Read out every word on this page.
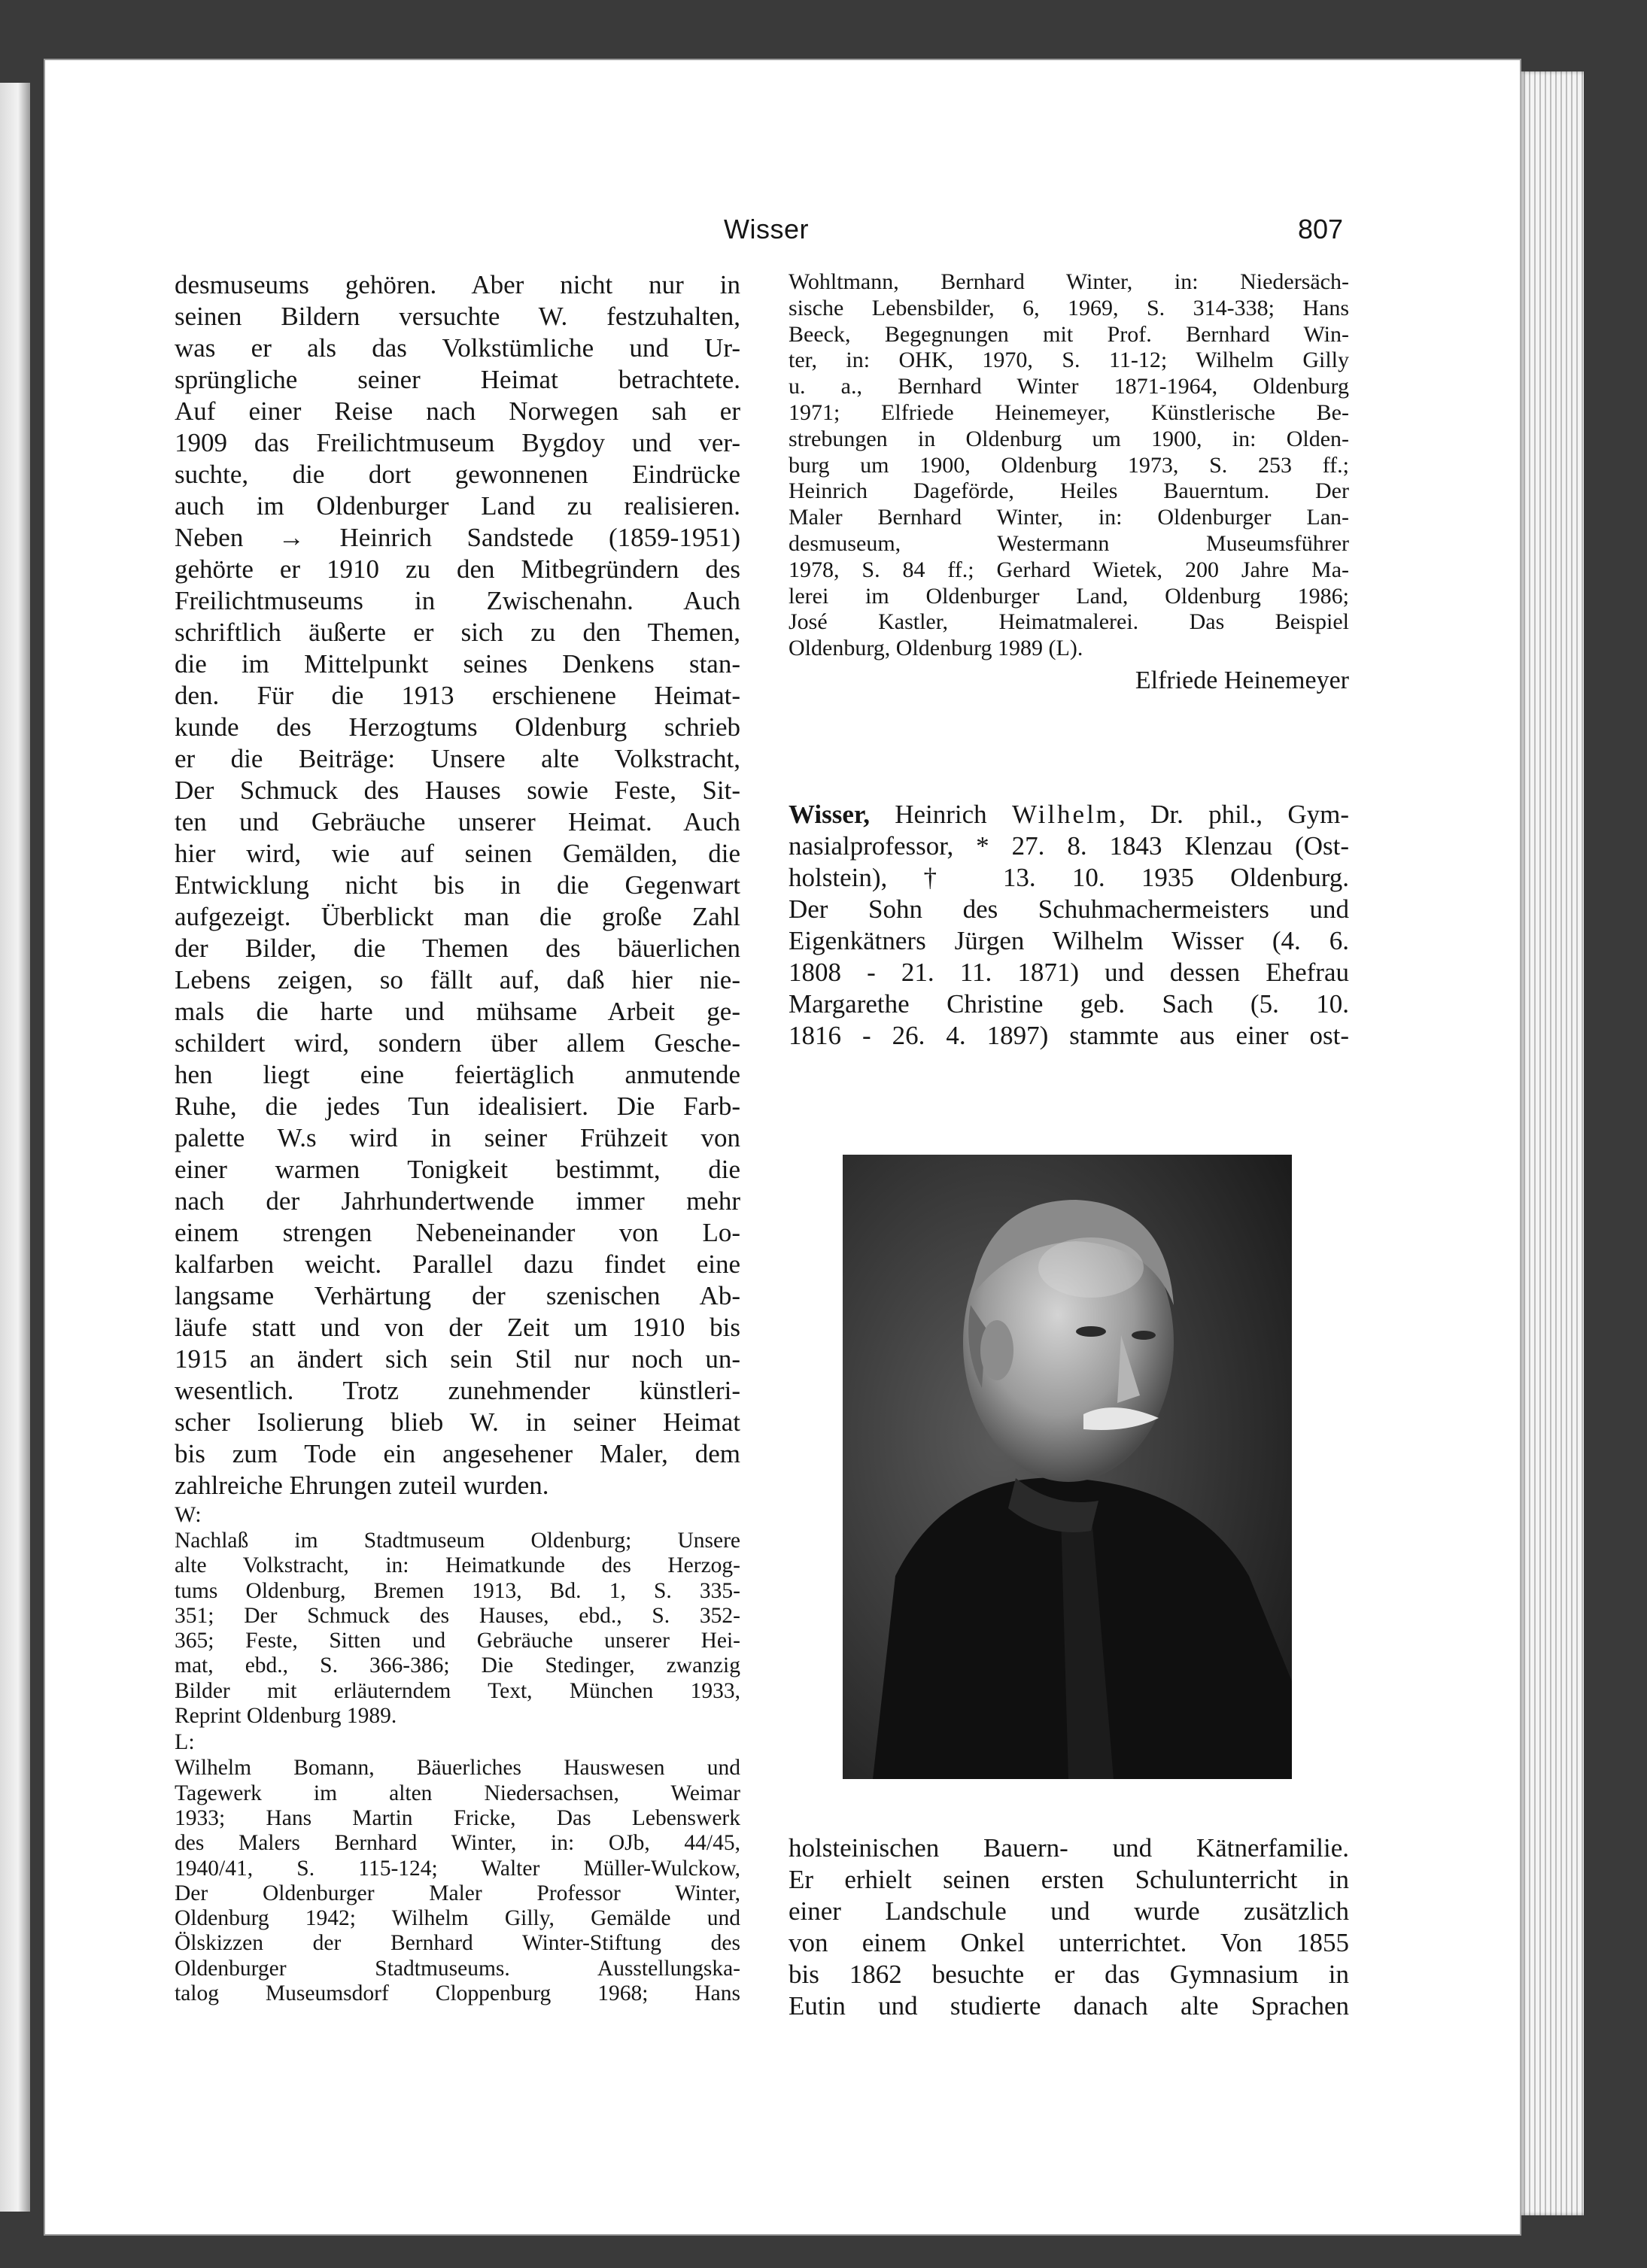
Wisser	807
desmuseums gehören. Aber nicht nur in
seinen Bildern versuchte W. festzuhalten,
was er als das Volkstümliche und Ur-
sprüngliche seiner Heimat betrachtete.
Auf einer Reise nach Norwegen sah er
1909 das Freilichtmuseum Bygdoy und ver-
suchte, die dort gewonnenen Eindrücke
auch im Oldenburger Land zu realisieren.
Neben → Heinrich Sandstede (1859-1951)
gehörte er 1910 zu den Mitbegründern des
Freilichtmuseums in Zwischenahn. Auch
schriftlich äußerte er sich zu den Themen,
die im Mittelpunkt seines Denkens stan-
den. Für die 1913 erschienene Heimat-
kunde des Herzogtums Oldenburg schrieb
er die Beiträge: Unsere alte Volkstracht,
Der Schmuck des Hauses sowie Feste, Sit-
ten und Gebräuche unserer Heimat. Auch
hier wird, wie auf seinen Gemälden, die
Entwicklung nicht bis in die Gegenwart
aufgezeigt. Überblickt man die große Zahl
der Bilder, die Themen des bäuerlichen
Lebens zeigen, so fällt auf, daß hier nie-
mals die harte und mühsame Arbeit ge-
schildert wird, sondern über allem Gesche-
hen liegt eine feiertäglich anmutende
Ruhe, die jedes Tun idealisiert. Die Farb-
palette W.s wird in seiner Frühzeit von
einer warmen Tonigkeit bestimmt, die
nach der Jahrhundertwende immer mehr
einem strengen Nebeneinander von Lo-
kalfarben weicht. Parallel dazu findet eine
langsame Verhärtung der szenischen Ab-
läufe statt und von der Zeit um 1910 bis
1915 an ändert sich sein Stil nur noch un-
wesentlich. Trotz zunehmender künstleri-
scher Isolierung blieb W. in seiner Heimat
bis zum Tode ein angesehener Maler, dem
zahlreiche Ehrungen zuteil wurden.
W:
Nachlaß im Stadtmuseum Oldenburg; Unsere
alte Volkstracht, in: Heimatkunde des Herzog-
tums Oldenburg, Bremen 1913, Bd. 1, S. 335-
351; Der Schmuck des Hauses, ebd., S. 352-
365; Feste, Sitten und Gebräuche unserer Hei-
mat, ebd., S. 366-386; Die Stedinger, zwanzig
Bilder mit erläuterndem Text, München 1933,
Reprint Oldenburg 1989.
L:
Wilhelm Bomann, Bäuerliches Hauswesen und
Tagewerk im alten Niedersachsen, Weimar
1933; Hans Martin Fricke, Das Lebenswerk
des Malers Bernhard Winter, in: OJb, 44/45,
1940/41, S. 115-124; Walter Müller-Wulckow,
Der Oldenburger Maler Professor Winter,
Oldenburg 1942; Wilhelm Gilly, Gemälde und
Ölskizzen der Bernhard Winter-Stiftung des
Oldenburger Stadtmuseums. Ausstellungska-
talog Museumsdorf Cloppenburg 1968; Hans
Wohltmann, Bernhard Winter, in: Niedersäch-
sische Lebensbilder, 6, 1969, S. 314-338; Hans
Beeck, Begegnungen mit Prof. Bernhard Win-
ter, in: OHK, 1970, S. 11-12; Wilhelm Gilly
u. a., Bernhard Winter 1871-1964, Oldenburg
1971; Elfriede Heinemeyer, Künstlerische Be-
strebungen in Oldenburg um 1900, in: Olden-
burg um 1900, Oldenburg 1973, S. 253 ff.;
Heinrich Dageförde, Heiles Bauerntum. Der
Maler Bernhard Winter, in: Oldenburger Lan-
desmuseum, Westermann Museumsführer
1978, S. 84 ff.; Gerhard Wietek, 200 Jahre Ma-
lerei im Oldenburger Land, Oldenburg 1986;
José Kastler, Heimatmalerei. Das Beispiel
Oldenburg, Oldenburg 1989 (L).
Elfriede Heinemeyer
Wisser, Heinrich Wilhelm, Dr. phil., Gym-
nasialprofessor, * 27. 8. 1843 Klenzau (Ost-
holstein), † 13. 10. 1935 Oldenburg.
Der Sohn des Schuhmachermeisters und
Eigenkätners Jürgen Wilhelm Wisser (4. 6.
1808 - 21. 11. 1871) und dessen Ehefrau
Margarethe Christine geb. Sach (5. 10.
1816 - 26. 4. 1897) stammte aus einer ost-
holsteinischen Bauern- und Kätnerfamilie.
Er erhielt seinen ersten Schulunterricht in
einer Landschule und wurde zusätzlich
von einem Onkel unterrichtet. Von 1855
bis 1862 besuchte er das Gymnasium in
Eutin und studierte danach alte Sprachen
